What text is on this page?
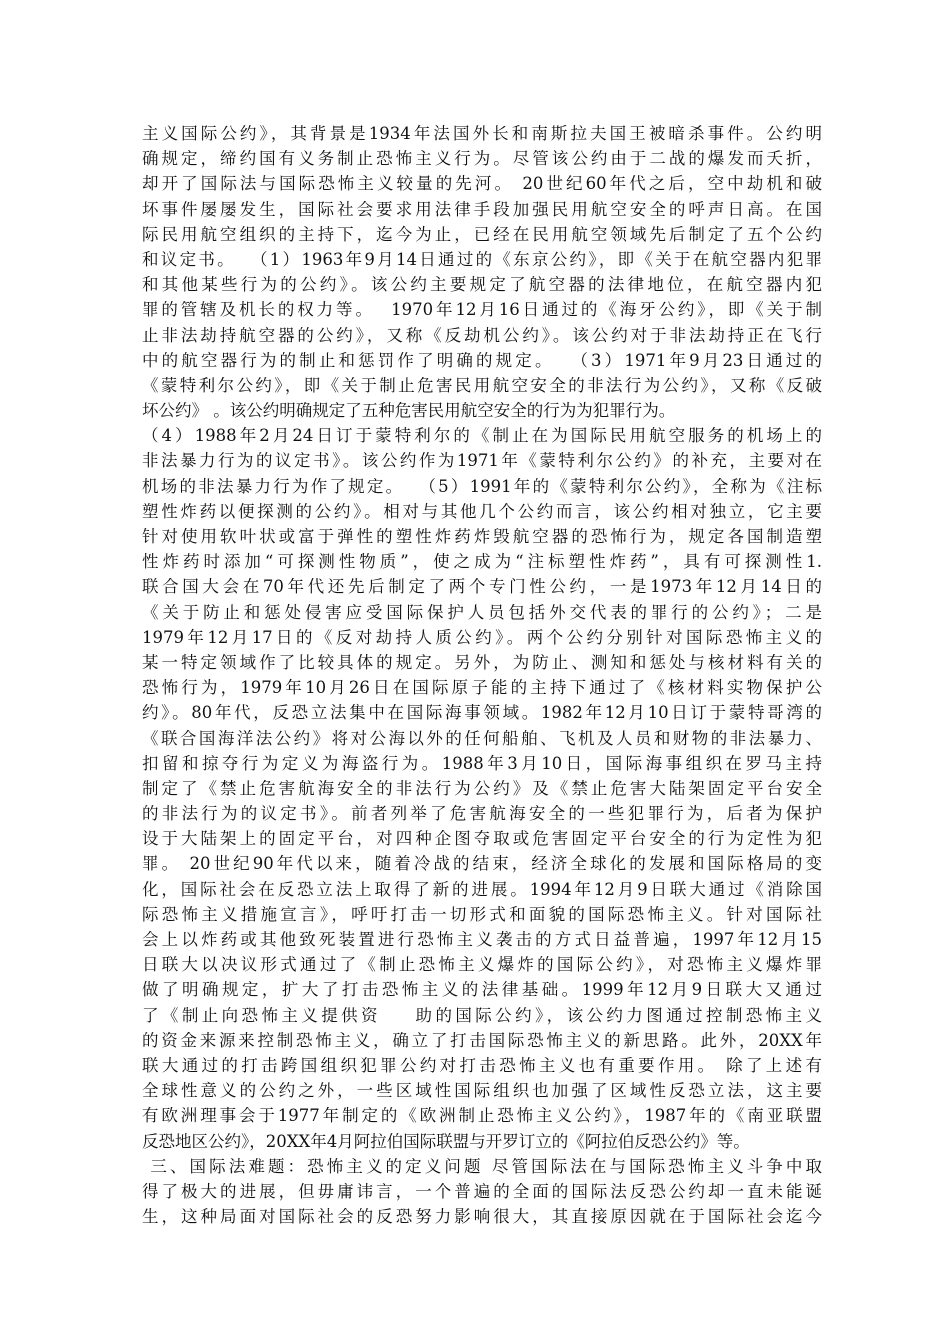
主义国际公约》，其背景是1934年法国外长和南斯拉夫国王被暗杀事件。公约明
确规定，缔约国有义务制止恐怖主义行为。尽管该公约由于二战的爆发而夭折，
却开了国际法与国际恐怖主义较量的先河。 20世纪60年代之后，空中劫机和破
坏事件屡屡发生，国际社会要求用法律手段加强民用航空安全的呼声日高。在国
际民用航空组织的主持下，迄今为止，已经在民用航空领域先后制定了五个公约
和议定书。  （1）1963年9月14日通过的《东京公约》，即《关于在航空器内犯罪
和其他某些行为的公约》。该公约主要规定了航空器的法律地位，在航空器内犯
罪的管辖及机长的权力等。  1970年12月16日通过的《海牙公约》，即《关于制
止非法劫持航空器的公约》，又称《反劫机公约》。该公约对于非法劫持正在飞行
中的航空器行为的制止和惩罚作了明确的规定。  （3）1971年9月23日通过的
《蒙特利尔公约》，即《关于制止危害民用航空安全的非法行为公约》，又称《反破
坏公约》 。该公约明确规定了五种危害民用航空安全的行为为犯罪行为。
（4）1988年2月24日订于蒙特利尔的《制止在为国际民用航空服务的机场上的
非法暴力行为的议定书》。该公约作为1971年《蒙特利尔公约》的补充，主要对在
机场的非法暴力行为作了规定。  （5）1991年的《蒙特利尔公约》，全称为《注标
塑性炸药以便探测的公约》。相对与其他几个公约而言，该公约相对独立，它主要
针对使用软叶状或富于弹性的塑性炸药炸毁航空器的恐怖行为，规定各国制造塑
性炸药时添加“可探测性物质”，使之成为“注标塑性炸药”，具有可探测性1.
联合国大会在70年代还先后制定了两个专门性公约，一是1973年12月14日的
《关于防止和惩处侵害应受国际保护人员包括外交代表的罪行的公约》；二是
1979年12月17日的《反对劫持人质公约》。两个公约分别针对国际恐怖主义的
某一特定领域作了比较具体的规定。另外，为防止、测知和惩处与核材料有关的
恐怖行为，1979年10月26日在国际原子能的主持下通过了《核材料实物保护公
约》。80年代，反恐立法集中在国际海事领域。1982年12月10日订于蒙特哥湾的
《联合国海洋法公约》将对公海以外的任何船舶、飞机及人员和财物的非法暴力、
扣留和掠夺行为定义为海盗行为。1988年3月10日，国际海事组织在罗马主持
制定了《禁止危害航海安全的非法行为公约》及《禁止危害大陆架固定平台安全
的非法行为的议定书》。前者列举了危害航海安全的一些犯罪行为，后者为保护
设于大陆架上的固定平台，对四种企图夺取或危害固定平台安全的行为定性为犯
罪。 20世纪90年代以来，随着冷战的结束，经济全球化的发展和国际格局的变
化，国际社会在反恐立法上取得了新的进展。1994年12月9日联大通过《消除国
际恐怖主义措施宣言》，呼吁打击一切形式和面貌的国际恐怖主义。针对国际社
会上以炸药或其他致死装置进行恐怖主义袭击的方式日益普遍，1997年12月15
日联大以决议形式通过了《制止恐怖主义爆炸的国际公约》，对恐怖主义爆炸罪
做了明确规定，扩大了打击恐怖主义的法律基础。1999年12月9日联大又通过
了《制止向恐怖主义提供资    助的国际公约》，该公约力图通过控制恐怖主义
的资金来源来控制恐怖主义，确立了打击国际恐怖主义的新思路。此外，20XX年
联大通过的打击跨国组织犯罪公约对打击恐怖主义也有重要作用。 除了上述有
全球性意义的公约之外，一些区域性国际组织也加强了区域性反恐立法，这主要
有欧洲理事会于1977年制定的《欧洲制止恐怖主义公约》，1987年的《南亚联盟
反恐地区公约》，20XX年4月阿拉伯国际联盟与开罗订立的《阿拉伯反恐公约》等。
三、国际法难题：恐怖主义的定义问题 尽管国际法在与国际恐怖主义斗争中取
得了极大的进展，但毋庸讳言，一个普遍的全面的国际法反恐公约却一直未能诞
生，这种局面对国际社会的反恐努力影响很大，其直接原因就在于国际社会迄今
